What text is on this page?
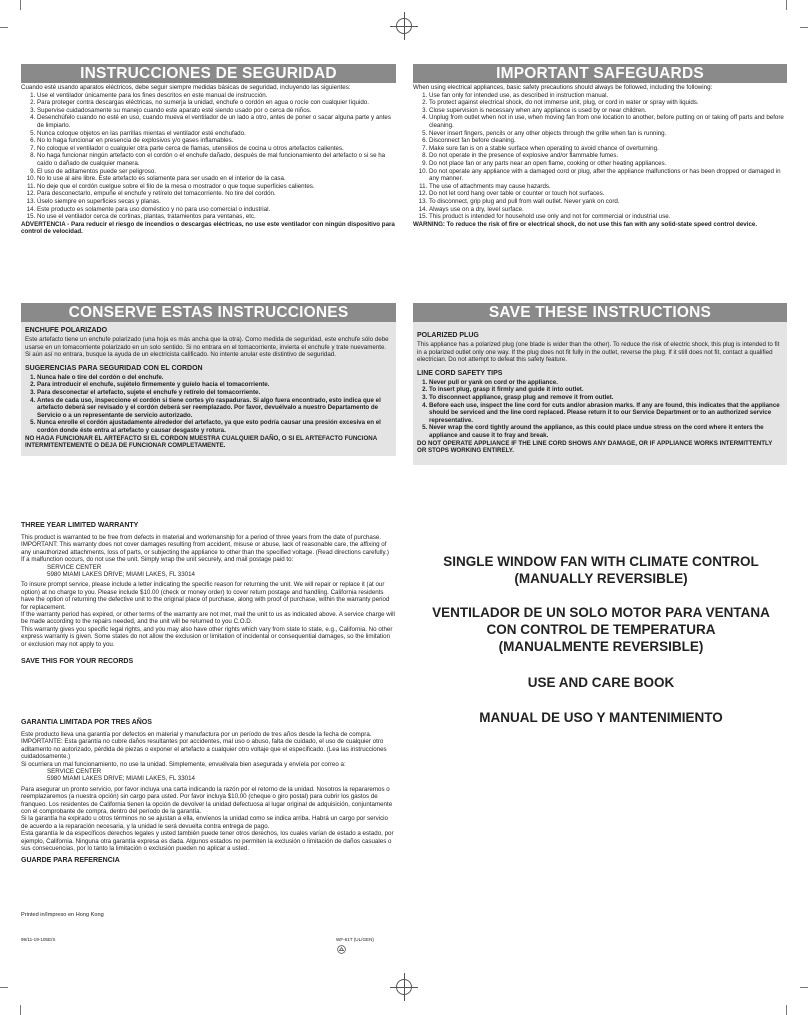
INSTRUCCIONES DE SEGURIDAD
Cuando esté usando aparatos eléctricos, debe seguir siempre medidas básicas de seguridad, incluyendo las siguientes:
1. Use el ventilador únicamente para los fines descritos en este manual de instrucción.
2. Para proteger contra descargas eléctricas, no sumerja la unidad, enchufe o cordón en agua o rocíe con cualquier líquido.
3. Supervise cuidadosamente su manejo cuando este aparato esté siendo usado por o cerca de niños.
4. Desenchúfelo cuando no esté en uso, cuando mueva el ventilador de un lado a otro, antes de poner o sacar alguna parte y antes de limpiarlo.
5. Nunca coloque objetos en las parrillas mientas el ventilador esté enchufado.
6. No lo haga funcionar en presencia de explosivos y/o gases inflamables.
7. No coloque el ventilador o cualquier otra parte cerca de flamas, utensilios de cocina u otros artefactos calientes.
8. No haga funcionar ningún artefacto con el cordón o el enchufe dañado, después de mal funcionamiento del artefacto o si se ha caído o dañado de cualquier manera.
9. El uso de aditamentos puede ser peligroso.
10. No lo use al aire libre. Este artefacto es solamente para ser usado en el interior de la casa.
11. No deje que el cordón cuelgue sobre el filo de la mesa o mostrador o que toque superficies calientes.
12. Para desconectarlo, empuñe el enchufe y retírelo del tomacorriente. No tire del cordón.
13. Úselo siempre en superficies secas y planas.
14. Este producto es solamente para uso doméstico y no para uso comercial o industrial.
15. No use el ventilador cerca de cortinas, plantas, tratamientos para ventanas, etc.
ADVERTENCIA - Para reducir el riesgo de incendios o descargas eléctricas, no use este ventilador con ningún dispositivo para control de velocidad.
IMPORTANT SAFEGUARDS
When using electrical appliances, basic safety precautions should always be followed, including the following:
1. Use fan only for intended use, as described in instruction manual.
2. To protect against electrical shock, do not immerse unit, plug, or cord in water or spray with liquids.
3. Close supervision is necessary when any appliance is used by or near children.
4. Unplug from outlet when not in use, when moving fan from one location to another, before putting on or taking off parts and before cleaning.
5. Never insert fingers, pencils or any other objects through the grille when fan is running.
6. Disconnect fan before cleaning.
7. Make sure fan is on a stable surface when operating to avoid chance of overturning.
8. Do not operate in the presence of explosive and/or flammable fumes.
9. Do not place fan or any parts near an open flame, cooking or other heating appliances.
10. Do not operate any appliance with a damaged cord or plug, after the appliance malfunctions or has been dropped or damaged in any manner.
11. The use of attachments may cause hazards.
12. Do not let cord hang over table or counter or touch hot surfaces.
13. To disconnect, grip plug and pull from wall outlet. Never yank on cord.
14. Always use on a dry, level surface.
15. This product is intended for household use only and not for commercial or industrial use.
WARNING: To reduce the risk of fire or electrical shock, do not use this fan with any solid-state speed control device.
CONSERVE ESTAS INSTRUCCIONES
ENCHUFE POLARIZADO

Este artefacto tiene un enchufe polarizado (una hoja es más ancha que la otra). Como medida de seguridad, este enchufe sólo debe usarse en un tomacorriente polarizado en un solo sentido. Si no entrara en el tomacorriente, invierta el enchufe y trate nuevamente. Si aún así no entrara, busque la ayuda de un electricista calificado. No intente anular este distintivo de seguridad.

SUGERENCIAS PARA SEGURIDAD CON EL CORDON
1. Nunca hale o tire del cordón o del enchufe.
2. Para introducir el enchufe, sujételo firmemente y guíelo hacia el tomacorriente.
3. Para desconectar el artefacto, sujete el enchufe y retírelo del tomacorriente.
4. Antes de cada uso, inspeccione el cordón si tiene cortes y/o raspaduras. Si algo fuera encontrado, esto indica que el artefacto deberá ser revisado y el cordón deberá ser reemplazado. Por favor, devuélvalo a nuestro Departamento de Servicio o a un representante de servicio autorizado.
5. Nunca enrolle el cordón ajustadamente alrededor del artefacto, ya que esto podría causar una presión excesiva en el cordón donde éste entra al artefacto y causar desgaste y rotura.

NO HAGA FUNCIONAR EL ARTEFACTO SI EL CORDON MUESTRA CUALQUIER DAÑO, O SI EL ARTEFACTO FUNCIONA INTERMITENTEMENTE O DEJA DE FUNCIONAR COMPLETAMENTE.

SAVE THESE INSTRUCTIONS
POLARIZED PLUG

This appliance has a polarized plug (one blade is wider than the other). To reduce the risk of electric shock, this plug is intended to fit in a polarized outlet only one way. If the plug does not fit fully in the outlet, reverse the plug. If it still does not fit, contact a qualified electrician. Do not attempt to defeat this safety feature.

LINE CORD SAFETY TIPS
1. Never pull or yank on cord or the appliance.
2. To insert plug, grasp it firmly and guide it into outlet.
3. To disconnect appliance, grasp plug and remove it from outlet.
4. Before each use, inspect the line cord for cuts and/or abrasion marks. If any are found, this indicates that the appliance should be serviced and the line cord replaced. Please return it to our Service Department or to an authorized service representative.
5. Never wrap the cord tightly around the appliance, as this could place undue stress on the cord where it enters the appliance and cause it to fray and break.

DO NOT OPERATE APPLIANCE IF THE LINE CORD SHOWS ANY DAMAGE, OR IF APPLIANCE WORKS INTERMITTENTLY OR STOPS WORKING ENTIRELY.

THREE YEAR LIMITED WARRANTY

This product is warranted to be free from defects in material and workmanship for a period of three years from the date of purchase.

IMPORTANT: This warranty does not cover damages resulting from accident, misuse or abuse, lack of reasonable care, the affixing of any unauthorized attachments, loss of parts, or subjecting the appliance to other than the specified voltage. (Read directions carefully.)

If a malfunction occurs, do not use the unit. Simply wrap the unit securely, and mail postage paid to:

SERVICE CENTER

5980 MIAMI LAKES DRIVE; MIAMI LAKES, FL 33014

To insure prompt service, please include a letter indicating the specific reason for returning the unit. We will repair or replace it (at our option) at no charge to you. Please include $10.00 (check or money order) to cover return postage and handling. California residents have the option of returning the defective unit to the original place of purchase, along with proof of purchase, within the warranty period for replacement.

If the warranty period has expired, or other terms of the warranty are not met, mail the unit to us as indicated above. A service charge will be made according to the repairs needed, and the unit will be returned to you C.O.D.

This warranty gives you specific legal rights, and you may also have other rights which vary from state to state, e.g., California. No other express warranty is given. Some states do not allow the exclusion or limitation of incidental or consequential damages, so the limitation or exclusion may not apply to you.

SAVE THIS FOR YOUR RECORDS

GARANTIA LIMITADA POR TRES AÑOS

Este producto lleva una garantía por defectos en material y manufactura por un período de tres años desde la fecha de compra.

IMPORTANTE: Esta garantía no cubre daños resultantes por accidentes, mal uso o abuso, falta de cuidado, el uso de cualquier otro aditamento no autorizado, pérdida de piezas o exponer el artefacto a cualquier otro voltaje que el especificado. (Lea las instrucciones cuidadosamente.)

Si ocurriera un mal funcionamiento, no use la unidad. Simplemente, envuélvala bien asegurada y envíela por correo a:

SERVICE CENTER

5980 MIAMI LAKES DRIVE; MIAMI LAKES, FL 33014

Para asegurar un pronto servicio, por favor incluya una carta indicando la razón por el retorno de la unidad. Nosotros la repararemos o reemplazaremos (a nuestra opción) sin cargo para usted. Por favor incluya $10.00 (cheque o giro postal) para cubrir los gastos de franqueo. Los residentes de California tienen la opción de devolver la unidad defectuosa al lugar original de adquisición, conjuntamente con el comprobante de compra, dentro del período de la garantía.

Si la garantía ha expirado u otros términos no se ajustan a ella, envíenos la unidad como se indica arriba. Habrá un cargo por servicio de acuerdo a la reparación necesaria, y la unidad le será devuelta contra entrega de pago.

Esta garantía le da específicos derechos legales y usted también puede tener otros derechos, los cuales varían de estado a estado, por ejemplo, California. Ninguna otra garantía expresa es dada. Algunos estados no permiten la exclusión o limitación de daños casuales o sus consecuencias, por lo tanto la limitación o exclusión pueden no aplicar a usted.

GUARDE PARA REFERENCIA

SINGLE WINDOW FAN WITH CLIMATE CONTROL
(MANUALLY REVERSIBLE)
VENTILADOR DE UN SOLO MOTOR PARA VENTANA
CON CONTROL DE TEMPERATURA
(MANUALMENTE REVERSIBLE)
USE AND CARE BOOK
MANUAL DE USO Y MANTENIMIENTO
Printed in/Impreso en Hong Kong
99/11-19-105E/S	WF-61T (UL/GEN)
